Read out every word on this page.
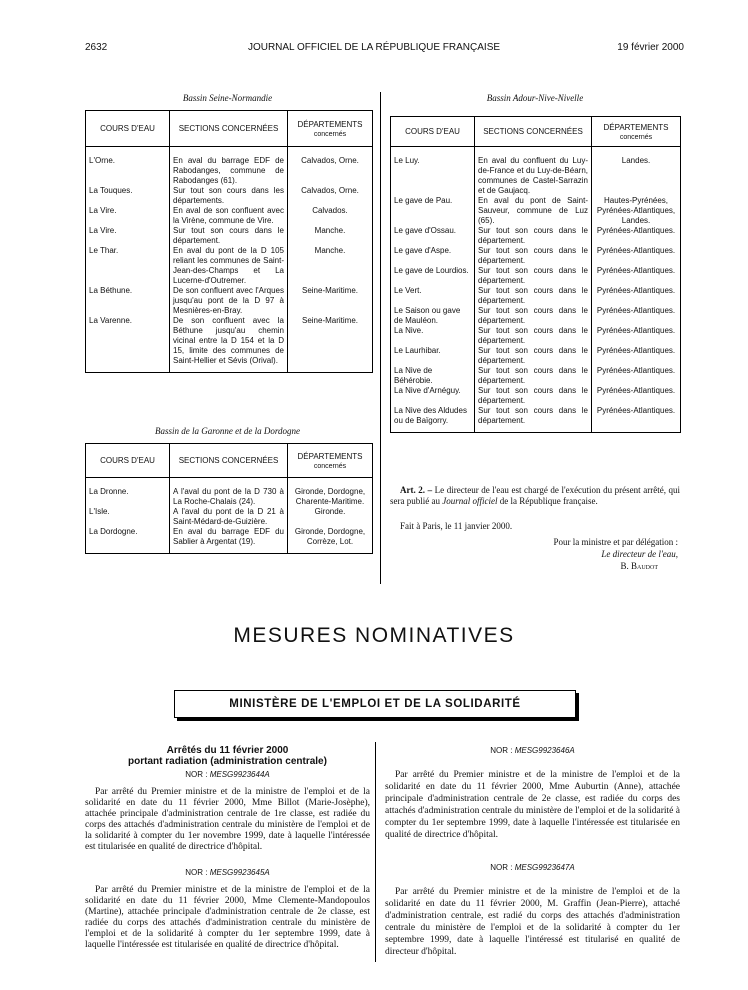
2632	JOURNAL OFFICIEL DE LA RÉPUBLIQUE FRANÇAISE	19 février 2000
Bassin Seine-Normandie
COURS D'EAU	SECTIONS CONCERNÉES	DÉPARTEMENTS
concernés
L'Orne.	En aval du barrage EDF de Rabodanges, commune de Rabodanges (61).	Calvados, Orne.
La Touques.	Sur tout son cours dans les départements.	Calvados, Orne.
La Vire.	En aval de son confluent avec la Virène, commune de Vire.	Calvados.
La Vire.	Sur tout son cours dans le département.	Manche.
Le Thar.	En aval du pont de la D 105 reliant les communes de Saint-Jean-des-Champs et La Lucerne-d'Outremer.	Manche.
La Béthune.	De son confluent avec l'Arques jusqu'au pont de la D 97 à Mesnières-en-Bray.	Seine-Maritime.
La Varenne.	De son confluent avec la Béthune jusqu'au chemin vicinal entre la D 154 et la D 15, limite des communes de Saint-Hellier et Sévis (Orival).	Seine-Maritime.
Bassin de la Garonne et de la Dordogne
COURS D'EAU	SECTIONS CONCERNÉES	DÉPARTEMENTS
concernés
La Dronne.	A l'aval du pont de la D 730 à La Roche-Chalais (24).	Gironde, Dordogne, Charente-Maritime.
L'Isle.	A l'aval du pont de la D 21 à Saint-Médard-de-Guizière.	Gironde.
La Dordogne.	En aval du barrage EDF du Sablier à Argentat (19).	Gironde, Dordogne, Corrèze, Lot.
Bassin Adour-Nive-Nivelle
COURS D'EAU	SECTIONS CONCERNÉES	DÉPARTEMENTS
concernés
Le Luy.	En aval du confluent du Luy-de-France et du Luy-de-Béarn, communes de Castel-Sarrazin et de Gaujacq.	Landes.
Le gave de Pau.	En aval du pont de Saint-Sauveur, commune de Luz (65).	Hautes-Pyrénées, Pyrénées-Atlantiques, Landes.
Le gave d'Ossau.	Sur tout son cours dans le département.	Pyrénées-Atlantiques.
Le gave d'Aspe.	Sur tout son cours dans le département.	Pyrénées-Atlantiques.
Le gave de Lourdios.	Sur tout son cours dans le département.	Pyrénées-Atlantiques.
Le Vert.	Sur tout son cours dans le département.	Pyrénées-Atlantiques.
Le Saison ou gave de Mauléon.	Sur tout son cours dans le département.	Pyrénées-Atlantiques.
La Nive.	Sur tout son cours dans le département.	Pyrénées-Atlantiques.
Le Laurhibar.	Sur tout son cours dans le département.	Pyrénées-Atlantiques.
La Nive de Béhérobie.	Sur tout son cours dans le département.	Pyrénées-Atlantiques.
La Nive d'Arnéguy.	Sur tout son cours dans le département.	Pyrénées-Atlantiques.
La Nive des Aldudes ou de Baïgorry.	Sur tout son cours dans le département.	Pyrénées-Atlantiques.
Art. 2. – Le directeur de l'eau est chargé de l'exécution du présent arrêté, qui sera publié au Journal officiel de la République française.
Fait à Paris, le 11 janvier 2000.
Pour la ministre et par délégation :
Le directeur de l'eau,
B. Baudot
MESURES NOMINATIVES
MINISTÈRE DE L'EMPLOI ET DE LA SOLIDARITÉ
Arrêtés du 11 février 2000
portant radiation (administration centrale)
NOR : MESG9923644A
Par arrêté du Premier ministre et de la ministre de l'emploi et de la solidarité en date du 11 février 2000, Mme Billot (Marie-Josèphe), attachée principale d'administration centrale de 1re classe, est radiée du corps des attachés d'administration centrale du ministère de l'emploi et de la solidarité à compter du 1er novembre 1999, date à laquelle l'intéressée est titularisée en qualité de directrice d'hôpital.
NOR : MESG9923645A
Par arrêté du Premier ministre et de la ministre de l'emploi et de la solidarité en date du 11 février 2000, Mme Clemente-Mandopoulos (Martine), attachée principale d'administration centrale de 2e classe, est radiée du corps des attachés d'administration centrale du ministère de l'emploi et de la solidarité à compter du 1er septembre 1999, date à laquelle l'intéressée est titularisée en qualité de directrice d'hôpital.
NOR : MESG9923646A
Par arrêté du Premier ministre et de la ministre de l'emploi et de la solidarité en date du 11 février 2000, Mme Auburtin (Anne), attachée principale d'administration centrale de 2e classe, est radiée du corps des attachés d'administration centrale du ministère de l'emploi et de la solidarité à compter du 1er septembre 1999, date à laquelle l'intéressée est titularisée en qualité de directrice d'hôpital.
NOR : MESG9923647A
Par arrêté du Premier ministre et de la ministre de l'emploi et de la solidarité en date du 11 février 2000, M. Graffin (Jean-Pierre), attaché d'administration centrale, est radié du corps des attachés d'administration centrale du ministère de l'emploi et de la solidarité à compter du 1er septembre 1999, date à laquelle l'intéressé est titularisé en qualité de directeur d'hôpital.
